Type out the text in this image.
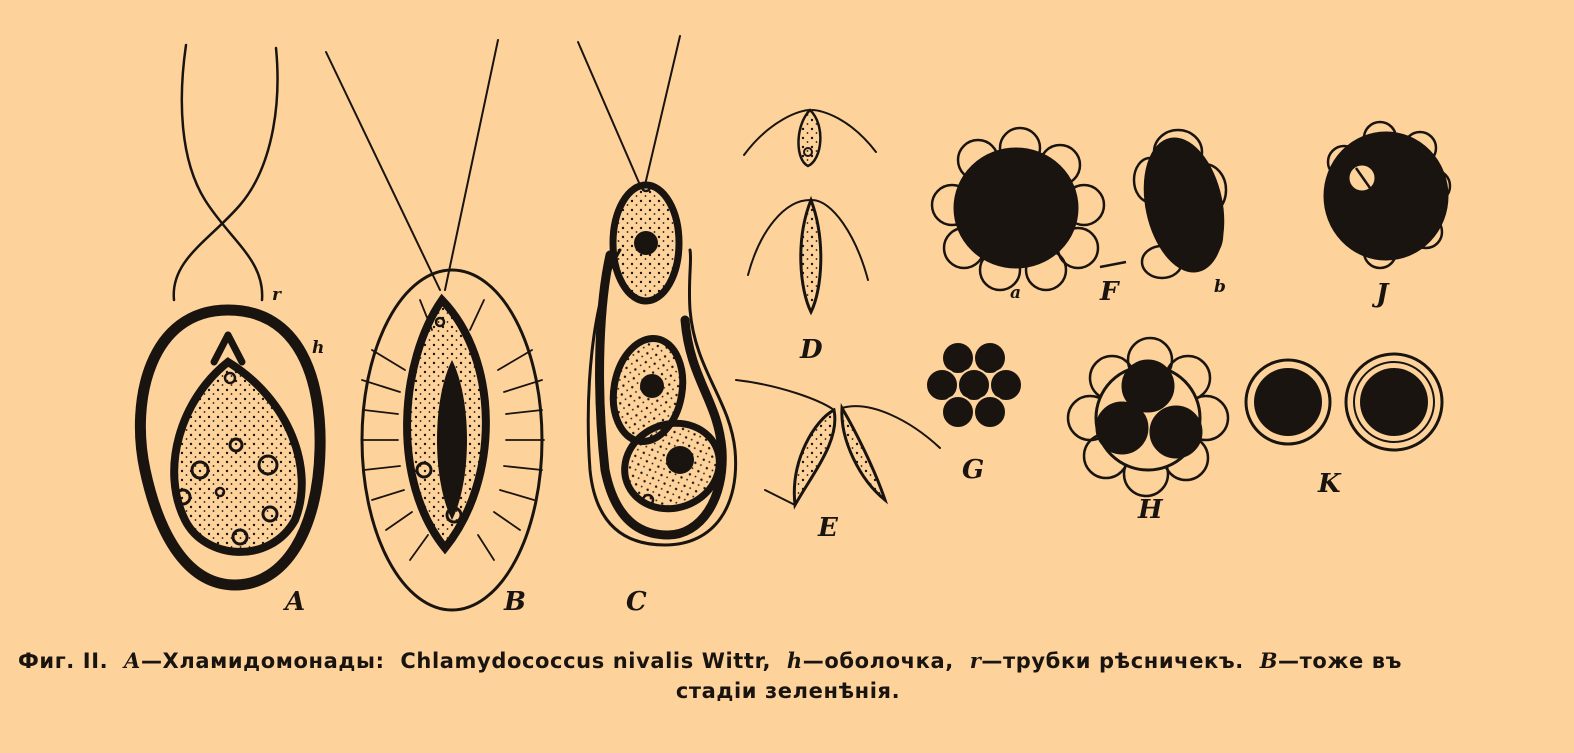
r
h
A	B	C
D
E
a	F	b	J
G
H
K
Фиг. II. A—Хламидомонады: Chlamydococcus nivalis Wittr, h—оболочка, r—трубки рѣсничекъ. B—тоже въ
стадіи зеленѣнія.
